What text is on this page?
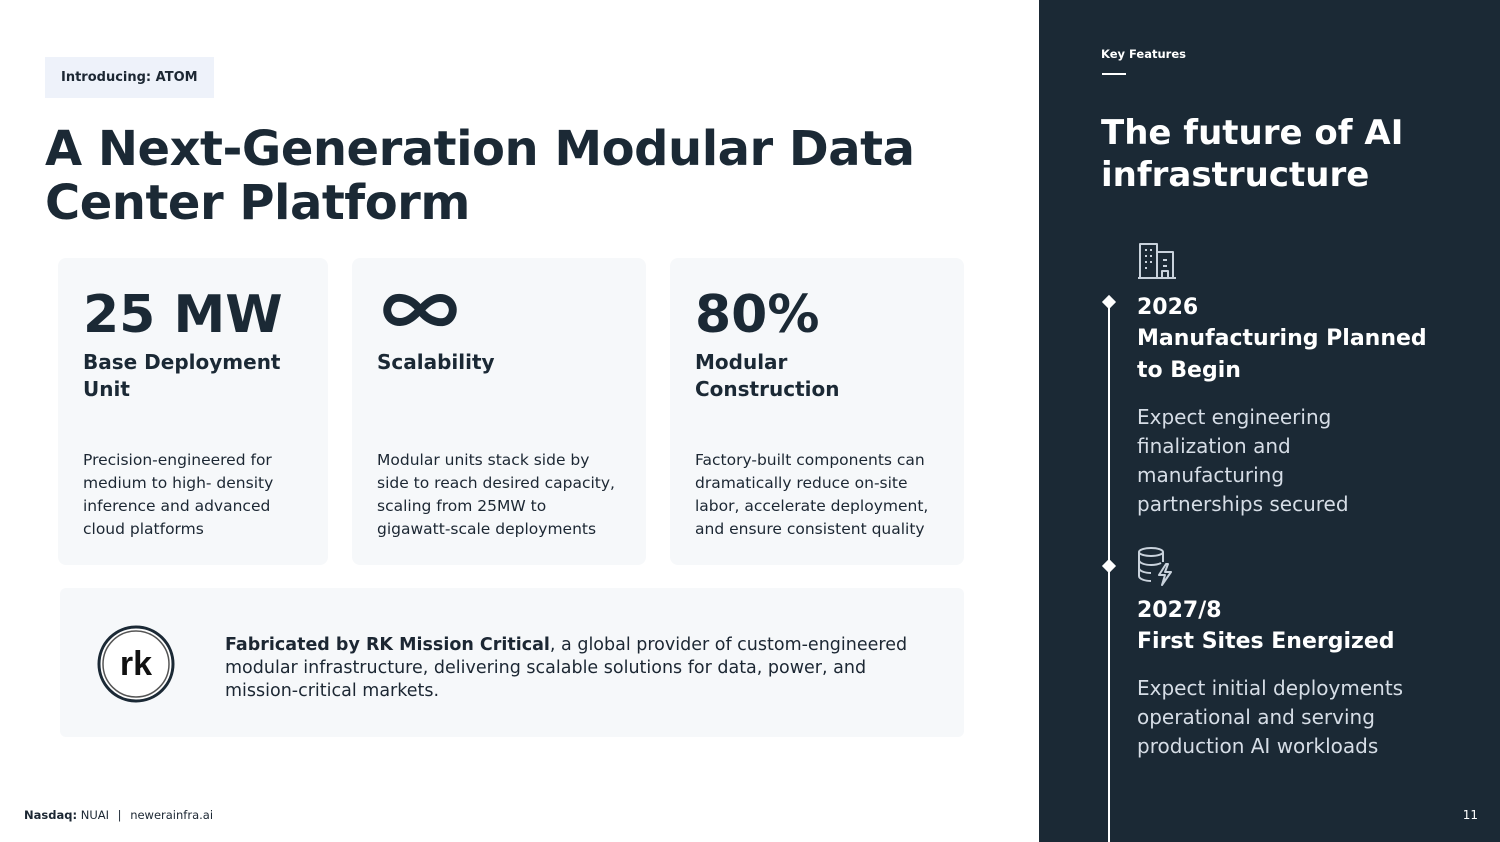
Introducing: ATOM
A Next-Generation Modular Data Center Platform
25 MW
Base Deployment Unit
Precision-engineered for medium to high- density inference and advanced cloud platforms
Scalability
Modular units stack side by side to reach desired capacity, scaling from 25MW to gigawatt-scale deployments
80%
Modular Construction
Factory-built components can dramatically reduce on-site labor, accelerate deployment, and ensure consistent quality
rk	Fabricated by RK Mission Critical, a global provider of custom-engineered modular infrastructure, delivering scalable solutions for data, power, and mission-critical markets.
Nasdaq: NUAI | newerainfra.ai
Key Features
The future of AI infrastructure
2026
Manufacturing Planned to Begin
Expect engineering finalization and manufacturing partnerships secured
2027/8
First Sites Energized
Expect initial deployments operational and serving production AI workloads
11
